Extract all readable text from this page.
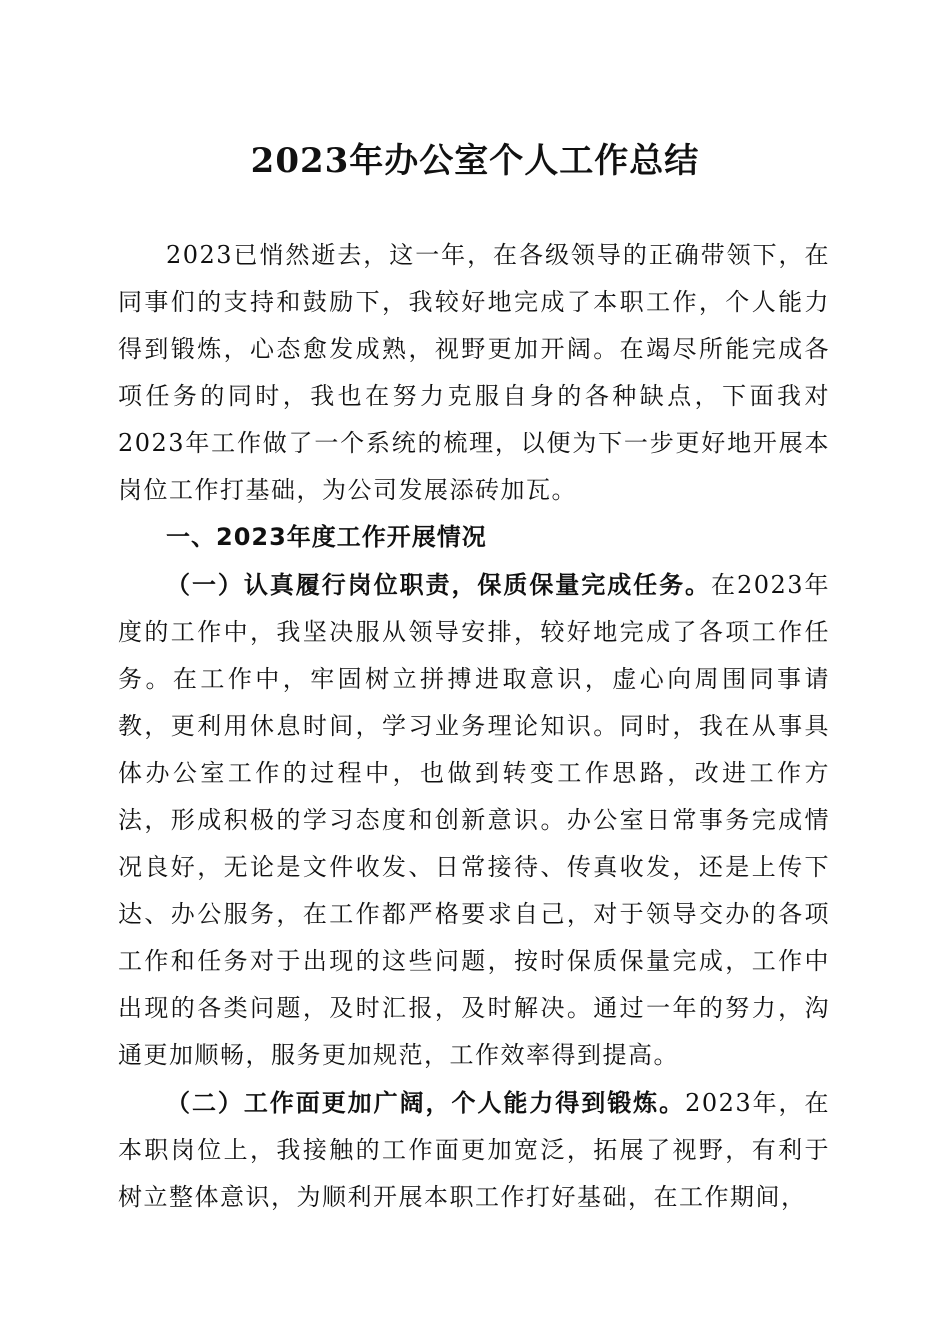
2023年办公室个人工作总结

2023已悄然逝去，这一年，在各级领导的正确带领下，在同事们的支持和鼓励下，我较好地完成了本职工作，个人能力得到锻炼，心态愈发成熟，视野更加开阔。在竭尽所能完成各项任务的同时，我也在努力克服自身的各种缺点，下面我对2023年工作做了一个系统的梳理，以便为下一步更好地开展本岗位工作打基础，为公司发展添砖加瓦。

一、2023年度工作开展情况

（一）认真履行岗位职责，保质保量完成任务。在2023年度的工作中，我坚决服从领导安排，较好地完成了各项工作任务。在工作中，牢固树立拼搏进取意识，虚心向周围同事请教，更利用休息时间，学习业务理论知识。同时，我在从事具体办公室工作的过程中，也做到转变工作思路，改进工作方法，形成积极的学习态度和创新意识。办公室日常事务完成情况良好，无论是文件收发、日常接待、传真收发，还是上传下达、办公服务，在工作都严格要求自己，对于领导交办的各项工作和任务对于出现的这些问题，按时保质保量完成，工作中出现的各类问题，及时汇报，及时解决。通过一年的努力，沟通更加顺畅，服务更加规范，工作效率得到提高。

（二）工作面更加广阔，个人能力得到锻炼。2023年，在本职岗位上，我接触的工作面更加宽泛，拓展了视野，有利于树立整体意识，为顺利开展本职工作打好基础，在工作期间，
